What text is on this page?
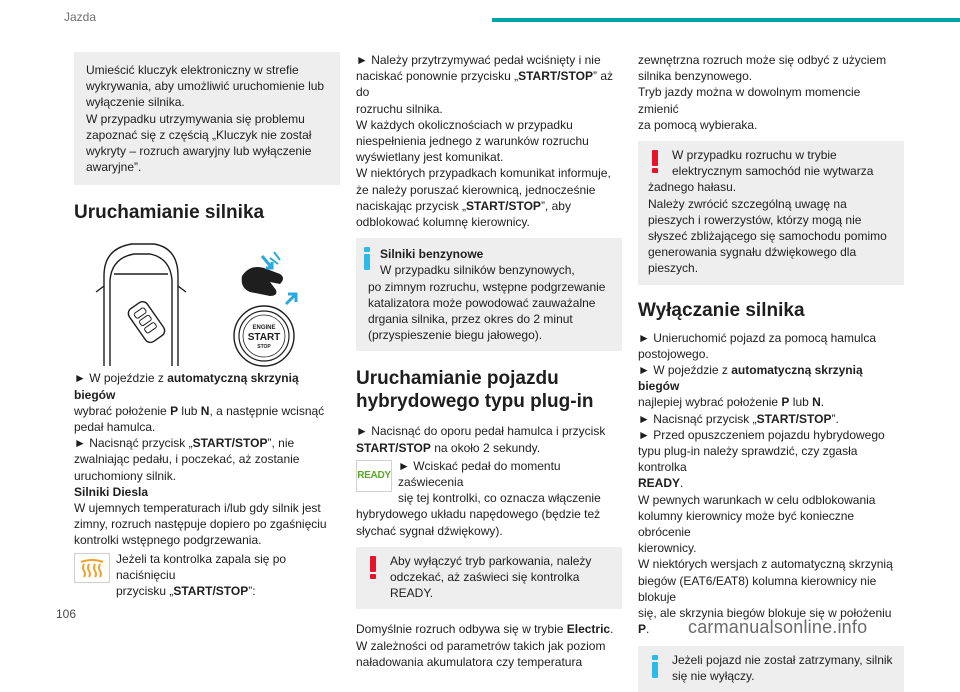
Jazda

Umieścić kluczyk elektroniczny w strefie

wykrywania, aby umożliwić uruchomienie lub

wyłączenie silnika.

W przypadku utrzymywania się problemu

zapoznać się z częścią „Kluczyk nie został

wykryty – rozruch awaryjny lub wyłączenie

awaryjne”.

Uruchamianie silnika
ENGINE
START
STOP

► W pojeździe z automatyczną skrzynią biegów

wybrać położenie P lub N, a następnie wcisnąć

pedał hamulca.

► Nacisnąć przycisk „START/STOP”, nie

zwalniając pedału, i poczekać, aż zostanie

uruchomiony silnik.

Silniki Diesla

W ujemnych temperaturach i/lub gdy silnik jest

zimny, rozruch następuje dopiero po zgaśnięciu

kontrolki wstępnego podgrzewania.

Jeżeli ta kontrolka zapala się po naciśnięciu

przycisku „START/STOP”:

► Należy przytrzymywać pedał wciśnięty i nie

naciskać ponownie przycisku „START/STOP” aż do

rozruchu silnika.

W każdych okolicznościach w przypadku

niespełnienia jednego z warunków rozruchu

wyświetlany jest komunikat.

W niektórych przypadkach komunikat informuje,

że należy poruszać kierownicą, jednocześnie

naciskając przycisk „START/STOP”, aby

odblokować kolumnę kierownicy.

Silniki benzynowe

W przypadku silników benzynowych,

po zimnym rozruchu, wstępne podgrzewanie

katalizatora może powodować zauważalne

drgania silnika, przez okres do 2 minut

(przyspieszenie biegu jałowego).

Uruchamianie pojazdu
hybrydowego typu plug-in

► Nacisnąć do oporu pedał hamulca i przycisk

START/STOP na około 2 sekundy.

READY

► Wciskać pedał do momentu zaświecenia

się tej kontrolki, co oznacza włączenie

hybrydowego układu napędowego (będzie też

słychać sygnał dźwiękowy).

Aby wyłączyć tryb parkowania, należy

odczekać, aż zaświeci się kontrolka READY.

Domyślnie rozruch odbywa się w trybie Electric.

W zależności od parametrów takich jak poziom

naładowania akumulatora czy temperatura

zewnętrzna rozruch może się odbyć z użyciem

silnika benzynowego.

Tryb jazdy można w dowolnym momencie zmienić

za pomocą wybieraka.

W przypadku rozruchu w trybie

elektrycznym samochód nie wytwarza

żadnego hałasu.

Należy zwrócić szczególną uwagę na

pieszych i rowerzystów, którzy mogą nie

słyszeć zbliżającego się samochodu pomimo

generowania sygnału dźwiękowego dla pieszych.

Wyłączanie silnika

► Unieruchomić pojazd za pomocą hamulca

postojowego.

► W pojeździe z automatyczną skrzynią biegów

najlepiej wybrać położenie P lub N.

► Nacisnąć przycisk „START/STOP”.

► Przed opuszczeniem pojazdu hybrydowego

typu plug-in należy sprawdzić, czy zgasła kontrolka

READY.

W pewnych warunkach w celu odblokowania

kolumny kierownicy może być konieczne obrócenie

kierownicy.

W niektórych wersjach z automatyczną skrzynią

biegów (EAT6/EAT8) kolumna kierownicy nie blokuje

się, ale skrzynia biegów blokuje się w położeniu P.

Jeżeli pojazd nie został zatrzymany, silnik

się nie wyłączy.

106
carmanualsonline.info
